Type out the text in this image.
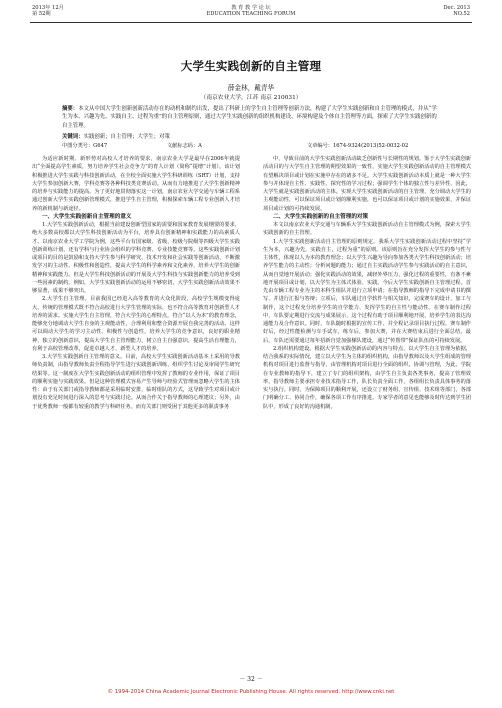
2013年 12月
第 52期
教 育 教 学 论 坛
EDUCATION TEACHING FORUM
Dec. 2013
NO.52
大学生实践创新的自主管理
薛金林，戴青华
（南京农业大学，江苏 南京 210031）
摘要：本文从中国大学生创新创新活动存在的动机和制约出发，提出了科研上的学生自主管理等创新方法，构建了大学生实践创新和自主管理的模式，并从“学生为本、兴趣为先、实践自主、过程为重”的自主管理原则，通过大学生实践创新的组织机构建设、环境构建及个体自主管理等方面，探索了大学生实践创新的自主管理。
关键词：实践创新；自主管理；大学生；对策
中图分类号：G647	文献标志码：A	文章编号：1674-9324(2013)52-0032-02

为适应新时期、新形势对高校人才培养的要求，南京农业大学是最早在2006年就提出“全面提高学生素质，努力培养学生社会竞争力”的育人计划（简称“提增”计划）。该计划积极推进大学生实践与科技创新活动，在全校全面实施大学生科研训练（SRT）计划，支持大学生参加创新大赛，学科竞赛等各种科技类竞赛活动。从而有力地推进了大学生创新精神的培养与实践能力的提高。为了更好地贯彻落实这一计划，南京农业大学交通与车辆工程系通过创新大学生实践创新管理模式，推进学生自主管理，积极探索车辆工程专业创新人才培养的新机制与新途径。

一、大学生实践创新自主管理的意义

1.大学生实践创新活动，根据当前建设创新型国家的需要和国家教育发展纲要的要求，绝大多数高校都以大学生科技创新活动为平台，培养具有创新精神和实践能力的高素质人才。以南京农业大学工学院为例，这些平台有国家级、省级、校级与院级等四级大学生实践创新训练计划，还有学科与行业协会组织的学科竞赛、专业技能竞赛等。这些实践创新计划或项目的目的是鼓励和支持大学生参与科学研究、技术开发和社会实践等创新活动，不断激发学习的主动性、积极性和创造性，提高大学生的科学素养和文化素养，培养大学生的创新精神和实践能力。但是大学生科技创新活动的开展及大学生科技与实践创新能力的培养受到一些因素的制约。例如，大学生实践创新活动的运用不够密切，大学生实践创新活动效果不够显著，成果不够突出。

2.大学生自主管理。目前我国已经进入高等教育的大众化阶段，高校学生规模变得庞大，传统的管理模式既不符合高校进行大学生管理的实际，也不符合高等教育对创新型人才培养的需求。实施大学生自主管理，符合大学生的心理特点，符合“以人为本”的教育理念，能够充分地调动大学生自身的主观能动性，合理利用和整合资源开展自我完善的活动。这样可以调动大学生的学习主动性、积极性与创造性，培养大学生的竞争意识，良好的职业精神，独立的创新意识，提高大学生自主管理能力，树立自主自强意识，提高生活自理能力，有利于高校管理改革，促进卓越人才、新型人才的培养。

3.大学生实践创新自主管理的意义。目前，高校大学生实践创新活动基本上采用的导教师负责制，由指导教师负责全程指导学生进行实践创新训练，组织学生讨论及审阅学生研究结果等。这一制度在大学生实践创新活动的组织管理中发挥了教师的专业作用，保证了项目的顺利实施与实践效果。但是这种管理模式容易产生导师与经验式管理而忽略大学生的主体性：由于有关部门或指导教师都是采用临时安排，临时组队的方式，这导致学生对项目或计划没有充足时间进行深入的思考与实践讨论。从而合作关于指导教师的心理建议；另外，由于优秀教师一般都有较重的教学与科研任务。而有关部门则受困于其他更多的职责事务

中，导致目前的大学生实践创新活动缺乏创新性与长期性的规划。鉴于大学生实践创新活动目的与大学生自主管理的期望效果的一致性，实施大学生实践创新活动的自主管理模式有望解决项目或计划在实施中存在的诸多不足。大学生实践创新活动本质上就是一种大学生参与并体现自主性、实践性、探究性的学习过程；强调学生个体的独立性与差异性，因此，大学生就是实践创新活动的主体。实现大学生实践创新活动的自主管理，充分调动大学生的主观能动性，可以保证项目或计划的顺利实施，也可以保证项目或计划的实施效果，并保证项目或计划的可持续发展。

二、大学生实践创新的自主管理的对策

本文以南京农业大学交通与车辆系大学生实践创新活动自主管理模式为例，探索大学生实践创新的自主管理。

1.大学生实践创新活动自主管理的原则规定。我系大学生实践创新活动过程中坚持“学生为本，兴趣为先，实践自主，过程为重”的原则。该原则旨在充分发挥大学生的参与性与主体性，体现以人为本的教育理念；以大学生兴趣为导向参加各类大学生科技创新活动；培养学生能力的主动性；分析问题的能力；通过自主实践活动学生参与实践活动的自主意识，从而自觉地开展活动；强化实践活动的效果，减轻外界压力，强化过程的重要性，有条不紊地开展项目或计划，以大学生为主体式体验、实践、今后大学生实践创新自主管理过程。首先由车辆工程专业为主的本科生组队并进行立项申请；在指导教师的指导下完成申请书的撰写，并进行汇报与答辩；立项后，车队通过自学软件与相关知识，完成赛车的设计、加工与制作，这个过程充分培养学生的自学能力、发挥学生的自主性与能动性。在赛车制作过程中，车队要定期进行交流与成果展示，这个过程有助于项目顺利地开展，培养学生的表达沟通能力及合作意识。同时，车队随时根据的宣传工作、并全程记录项目执行过程。赛车制作好后，经过性能检测与车手试车，练车后，参加大赛，并在大赛结束后进行全面总结。最后，车队还需要通过每年招新自觉加强梯队建设，通过“传帮带”保证队伍的可持续发展。

2.组织机构建设。根据大学生实践创新活动的内容与特点，以大学生自主管理为依据，结合我系的实际情况，建立以大学生为主体的组织机构，由指导教师以及大学生组成的管理机构对项目进行监督与指导，由管理机构对项目进行全面的组织、协调与管理，为此，学院在专业教师的指导下，建立了专门的组织架构，由学生自主负责各类事务，提高了管理效率。指导教师主要承担专业技术指导工作，队长负责全面工作，各组组长负责具体事务的落实与执行。同时，为保障项目的顺利开展，还设立了财务组、宣传组、技术组等部门，各部门明确分工、协同合作，确保各项工作有序推进。专家学者的意见也能够及时传达到学生团队中，形成了良好的沟通机制。

－ 32 －
© 1994-2014 China Academic Journal Electronic Publishing House. All rights reserved. http://www.cnki.net
